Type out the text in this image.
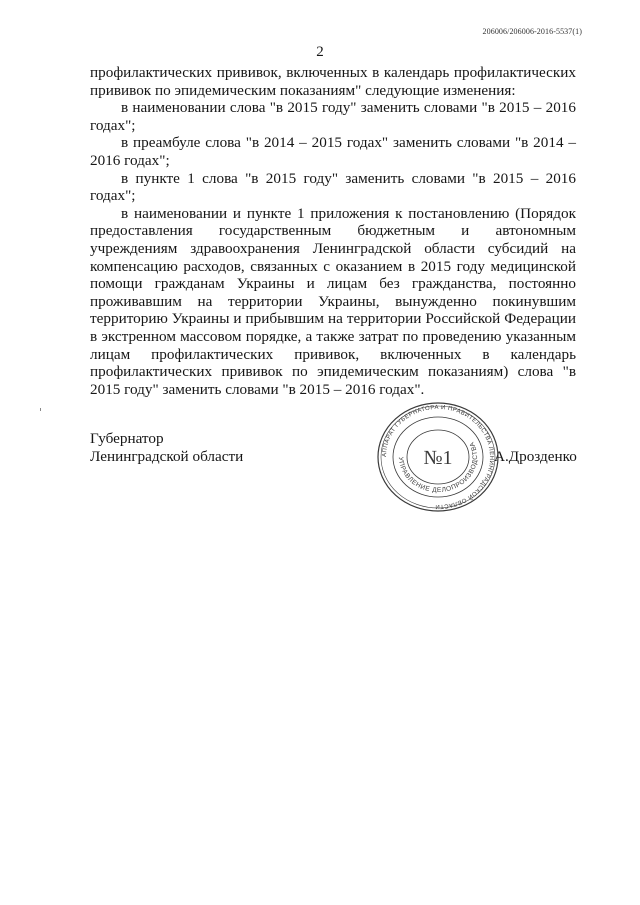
206006/206006-2016-5537(1)
2

профилактических прививок, включенных в календарь профилактических прививок по эпидемическим показаниям" следующие изменения:

в наименовании слова "в 2015 году" заменить словами "в 2015 – 2016 годах";

в преамбуле слова "в 2014 – 2015 годах" заменить словами "в 2014 – 2016 годах";

в пункте 1 слова "в 2015 году" заменить словами "в 2015 – 2016 годах";

в наименовании и пункте 1 приложения к постановлению (Порядок предоставления государственным бюджетным и автономным учреждениям здравоохранения Ленинградской области субсидий на компенсацию расходов, связанных с оказанием в 2015 году медицинской помощи гражданам Украины и лицам без гражданства, постоянно проживавшим на территории Украины, вынужденно покинувшим территорию Украины и прибывшим на территории Российской Федерации в экстренном массовом порядке, а также затрат по проведению указанным лицам профилактических прививок, включенных в календарь профилактических прививок по эпидемическим показаниям) слова "в 2015 году" заменить словами "в 2015 – 2016 годах".

Губернатор
Ленинградской области	АППАРАТ ГУБЕРНАТОРА И ПРАВИТЕЛЬСТВА ЛЕНИНГРАДСКОЙ ОБЛАСТИ
УПРАВЛЕНИЕ ДЕЛОПРОИЗВОДСТВА
№1	А.Дрозденко
